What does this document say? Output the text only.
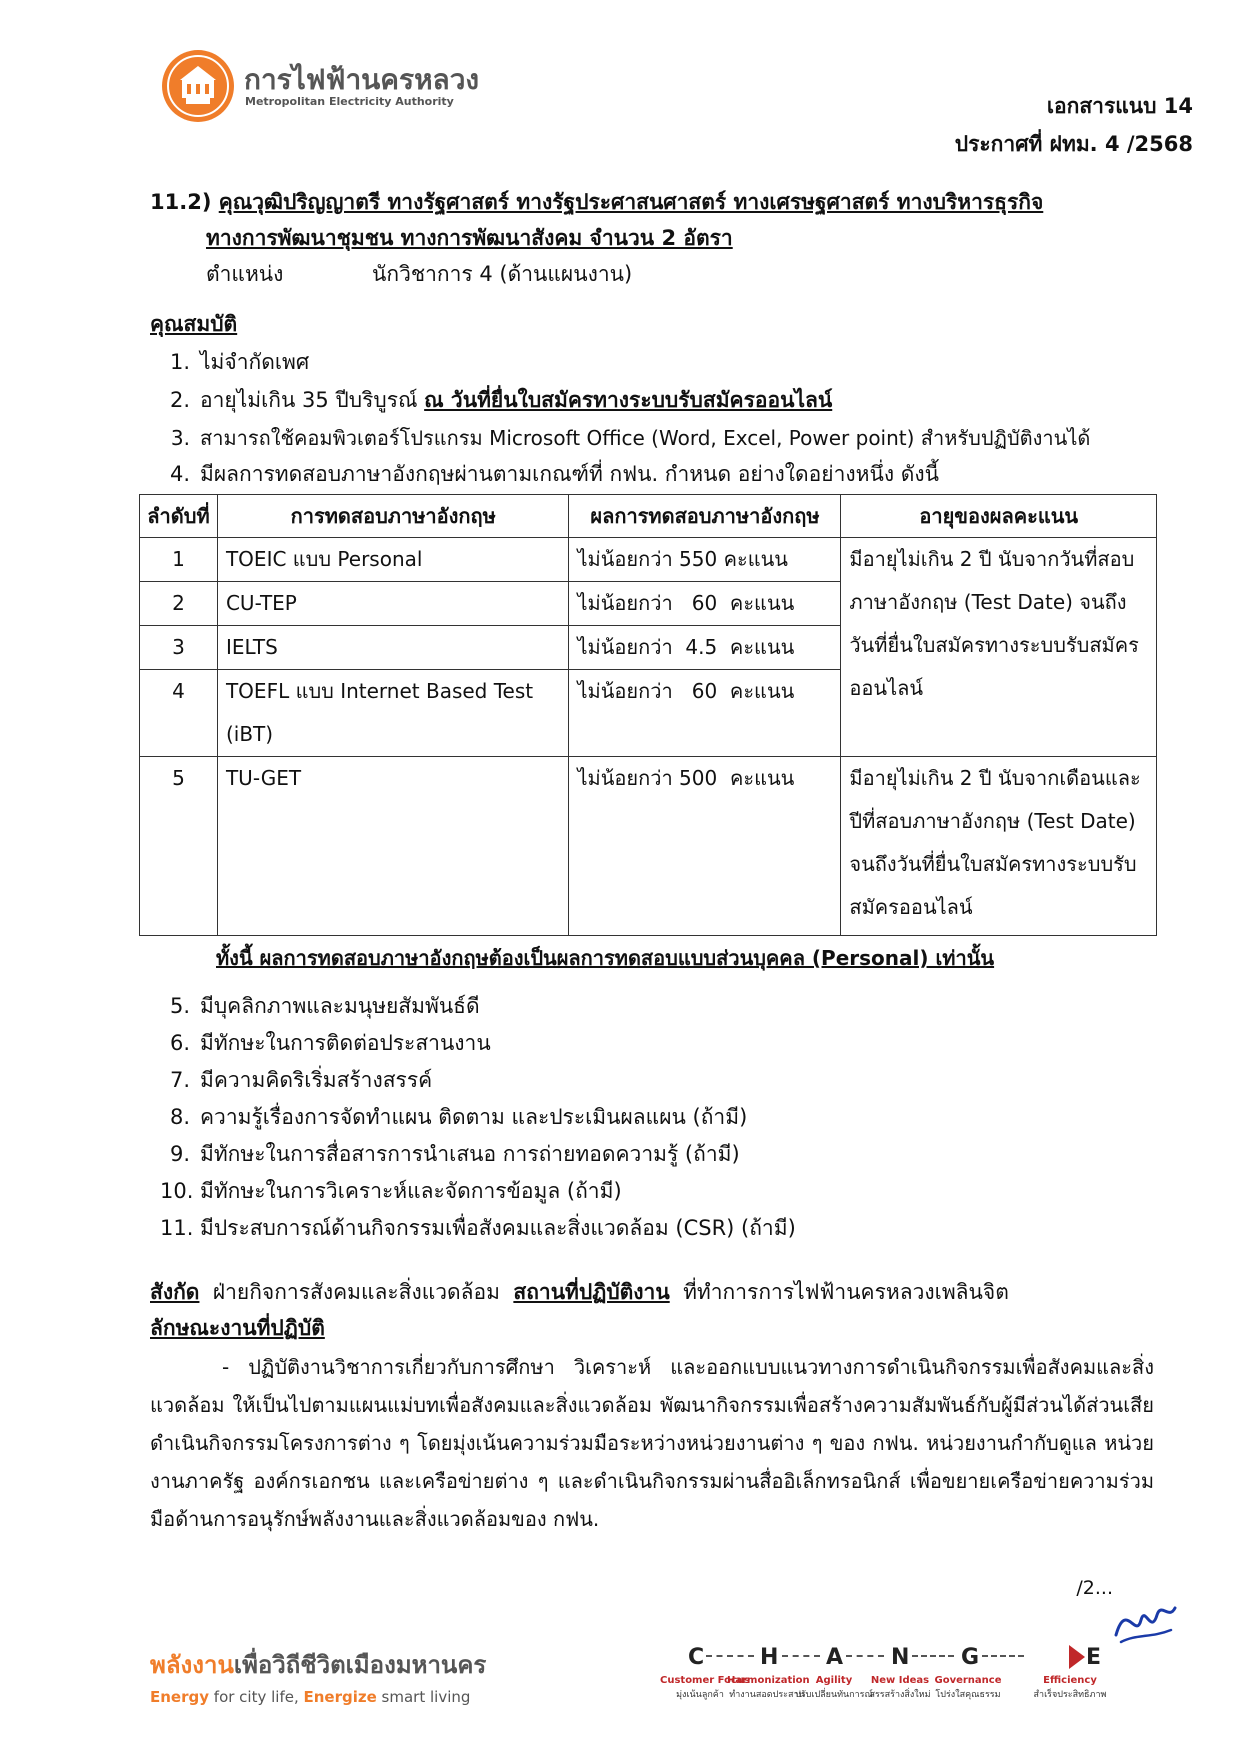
การไฟฟ้านครหลวง
Metropolitan Electricity Authority	เอกสารแนบ 14
ประกาศที่ ฝทม. 4 /2568
11.2) คุณวุฒิปริญญาตรี ทางรัฐศาสตร์ ทางรัฐประศาสนศาสตร์ ทางเศรษฐศาสตร์ ทางบริหารธุรกิจ
ทางการพัฒนาชุมชน ทางการพัฒนาสังคม จำนวน 2 อัตรา
ตำแหน่ง	นักวิชาการ 4 (ด้านแผนงาน)
คุณสมบัติ
1. ไม่จำกัดเพศ
2. อายุไม่เกิน 35 ปีบริบูรณ์ ณ วันที่ยื่นใบสมัครทางระบบรับสมัครออนไลน์
3. สามารถใช้คอมพิวเตอร์โปรแกรม Microsoft Office (Word, Excel, Power point) สำหรับปฏิบัติงานได้
4. มีผลการทดสอบภาษาอังกฤษผ่านตามเกณฑ์ที่ กฟน. กำหนด อย่างใดอย่างหนึ่ง ดังนี้
ลำดับที่	การทดสอบภาษาอังกฤษ	ผลการทดสอบภาษาอังกฤษ	อายุของผลคะแนน
1	TOEIC แบบ Personal	ไม่น้อยกว่า 550 คะแนน	มีอายุไม่เกิน 2 ปี นับจากวันที่สอบภาษาอังกฤษ (Test Date) จนถึงวันที่ยื่นใบสมัครทางระบบรับสมัครออนไลน์
2	CU-TEP	ไม่น้อยกว่า   60  คะแนน	
3	IELTS	ไม่น้อยกว่า  4.5  คะแนน	
4	TOEFL แบบ Internet Based Test (iBT)	ไม่น้อยกว่า   60  คะแนน	
5	TU-GET	ไม่น้อยกว่า 500  คะแนน	มีอายุไม่เกิน 2 ปี นับจากเดือนและปีที่สอบภาษาอังกฤษ (Test Date) จนถึงวันที่ยื่นใบสมัครทางระบบรับสมัครออนไลน์
ทั้งนี้ ผลการทดสอบภาษาอังกฤษต้องเป็นผลการทดสอบแบบส่วนบุคคล (Personal) เท่านั้น
5. มีบุคลิกภาพและมนุษยสัมพันธ์ดี
6. มีทักษะในการติดต่อประสานงาน
7. มีความคิดริเริ่มสร้างสรรค์
8. ความรู้เรื่องการจัดทำแผน ติดตาม และประเมินผลแผน (ถ้ามี)
9. มีทักษะในการสื่อสารการนำเสนอ การถ่ายทอดความรู้ (ถ้ามี)
10. มีทักษะในการวิเคราะห์และจัดการข้อมูล (ถ้ามี)
11. มีประสบการณ์ด้านกิจกรรมเพื่อสังคมและสิ่งแวดล้อม (CSR) (ถ้ามี)
สังกัด ฝ่ายกิจการสังคมและสิ่งแวดล้อม สถานที่ปฏิบัติงาน ที่ทำการการไฟฟ้านครหลวงเพลินจิต
ลักษณะงานที่ปฏิบัติ
- ปฏิบัติงานวิชาการเกี่ยวกับการศึกษา วิเคราะห์ และออกแบบแนวทางการดำเนินกิจกรรมเพื่อสังคมและสิ่งแวดล้อม ให้เป็นไปตามแผนแม่บทเพื่อสังคมและสิ่งแวดล้อม พัฒนากิจกรรมเพื่อสร้างความสัมพันธ์กับผู้มีส่วนได้ส่วนเสีย ดำเนินกิจกรรมโครงการต่าง ๆ โดยมุ่งเน้นความร่วมมือระหว่างหน่วยงานต่าง ๆ ของ กฟน. หน่วยงานกำกับดูแล หน่วยงานภาครัฐ องค์กรเอกชน และเครือข่ายต่าง ๆ และดำเนินกิจกรรมผ่านสื่ออิเล็กทรอนิกส์ เพื่อขยายเครือข่ายความร่วมมือด้านการอนุรักษ์พลังงานและสิ่งแวดล้อมของ กฟน.
/2...
พลังงานเพื่อวิถีชีวิตเมืองมหานคร
Energy for city life, Energize smart living
C
Customer Focus
มุ่งเน้นลูกค้า
H
Harmonization
ทำงานสอดประสาน
A
Agility
ปรับเปลี่ยนทันการณ์
N
New Ideas
สรรสร้างสิ่งใหม่
G
Governance
โปร่งใสคุณธรรม
E
Efficiency
สำเร็จประสิทธิภาพ
